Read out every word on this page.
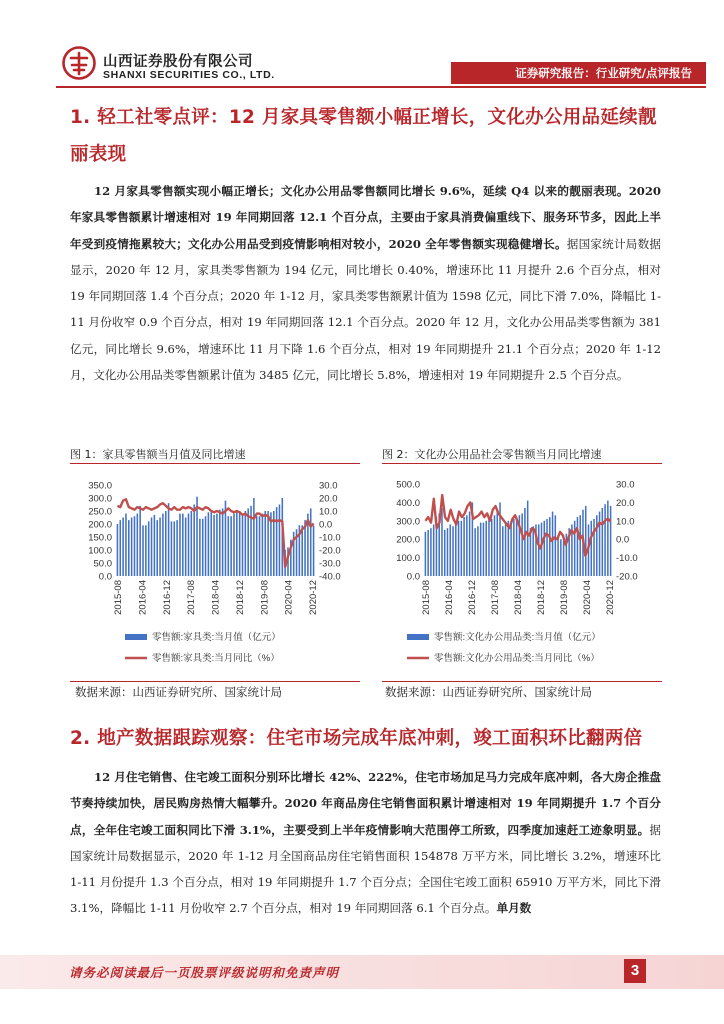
山西证券股份有限公司
SHANXI SECURITIES CO., LTD.	证券研究报告：行业研究/点评报告
1. 轻工社零点评：12 月家具零售额小幅正增长，文化办公用品延续靓
丽表现
12 月家具零售额实现小幅正增长；文化办公用品零售额同比增长 9.6%，延续 Q4 以来的靓丽表现。2020 年家具零售额累计增速相对 19 年同期回落 12.1 个百分点，主要由于家具消费偏重线下、服务环节多，因此上半年受到疫情拖累较大；文化办公用品受到疫情影响相对较小，2020 全年零售额实现稳健增长。据国家统计局数据显示，2020 年 12 月，家具类零售额为 194 亿元，同比增长 0.40%，增速环比 11 月提升 2.6 个百分点，相对 19 年同期回落 1.4 个百分点；2020 年 1-12 月，家具类零售额累计值为 1598 亿元，同比下滑 7.0%，降幅比 1-11 月份收窄 0.9 个百分点，相对 19 年同期回落 12.1 个百分点。2020 年 12 月，文化办公用品类零售额为 381 亿元，同比增长 9.6%，增速环比 11 月下降 1.6 个百分点，相对 19 年同期提升 21.1 个百分点；2020 年 1-12 月，文化办公用品类零售额累计值为 3485 亿元，同比增长 5.8%，增速相对 19 年同期提升 2.5 个百分点。
图 1：家具零售额当月值及同比增速
0.0
50.0
100.0
150.0
200.0
250.0
300.0
350.0
-40.0
-30.0
-20.0
-10.0
0.0
10.0
20.0
30.0
2015-08 2016-04 2016-12 2017-08 2018-04 2018-12 2019-08 2020-04 2020-12
零售额:家具类:当月值（亿元）
零售额:家具类:当月同比（%）
数据来源：山西证券研究所、国家统计局
图 2：文化办公用品社会零售额当月同比增速
0.0
100.0
200.0
300.0
400.0
500.0
-20.0
-10.0
0.0
10.0
20.0
30.0
2015-08 2016-04 2016-12 2017-08 2018-04 2018-12 2019-08 2020-04 2020-12
零售额:文化办公用品类:当月值（亿元）
零售额:文化办公用品类:当月同比（%）
数据来源：山西证券研究所、国家统计局
2. 地产数据跟踪观察：住宅市场完成年底冲刺，竣工面积环比翻两倍
12 月住宅销售、住宅竣工面积分别环比增长 42%、222%，住宅市场加足马力完成年底冲刺，各大房企推盘节奏持续加快，居民购房热情大幅攀升。2020 年商品房住宅销售面积累计增速相对 19 年同期提升 1.7 个百分点，全年住宅竣工面积同比下滑 3.1%，主要受到上半年疫情影响大范围停工所致，四季度加速赶工迹象明显。据国家统计局数据显示，2020 年 1-12 月全国商品房住宅销售面积 154878 万平方米，同比增长 3.2%，增速环比 1-11 月份提升 1.3 个百分点，相对 19 年同期提升 1.7 个百分点；全国住宅竣工面积 65910 万平方米，同比下滑 3.1%，降幅比 1-11 月份收窄 2.7 个百分点，相对 19 年同期回落 6.1 个百分点。单月数
请务必阅读最后一页股票评级说明和免责声明	3
